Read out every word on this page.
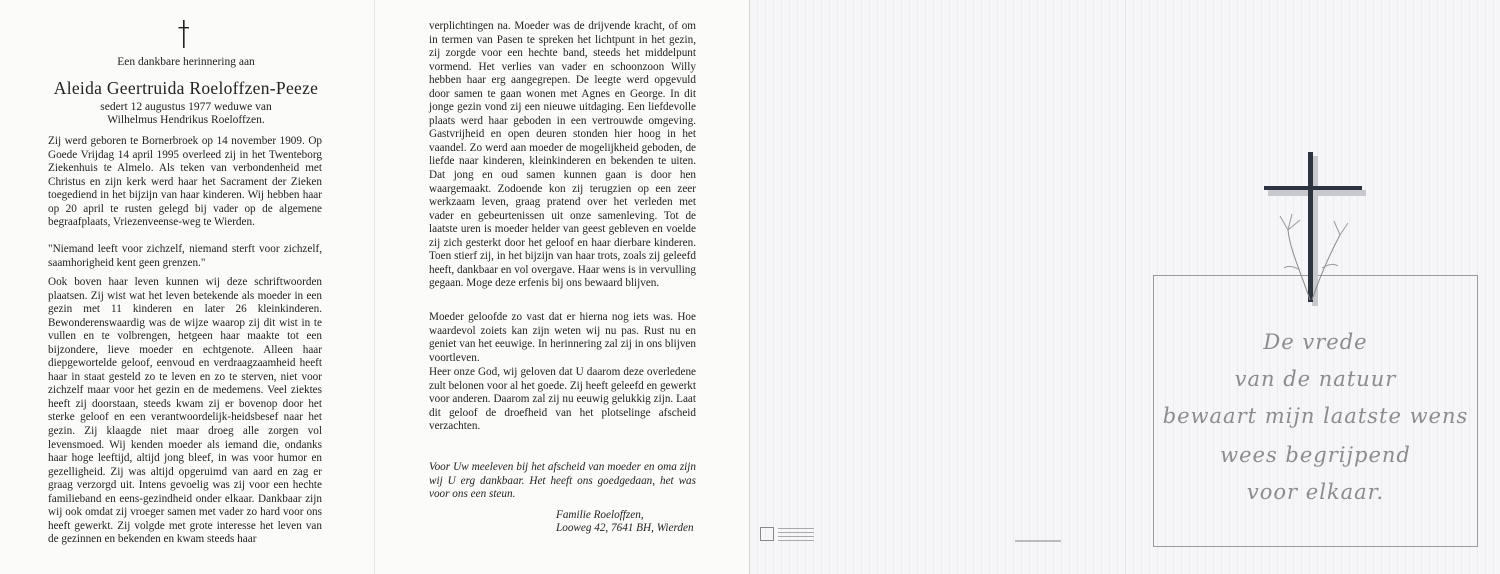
Een dankbare herinnering aan
Aleida Geertruida Roeloffzen-Peeze
sedert 12 augustus 1977 weduwe van
Wilhelmus Hendrikus Roeloffzen.

Zij werd geboren te Bornerbroek op 14 november 1909. Op Goede Vrijdag 14 april 1995 overleed zij in het Twenteborg Ziekenhuis te Almelo. Als teken van verbondenheid met Christus en zijn kerk werd haar het Sacrament der Zieken toegediend in het bijzijn van haar kinderen. Wij hebben haar op 20 april te rusten gelegd bij vader op de algemene begraafplaats, Vriezenveense-weg te Wierden.

"Niemand leeft voor zichzelf, niemand sterft voor zichzelf, saamhorigheid kent geen grenzen."

Ook boven haar leven kunnen wij deze schriftwoorden plaatsen. Zij wist wat het leven betekende als moeder in een gezin met 11 kinderen en later 26 kleinkinderen. Bewonderenswaardig was de wijze waarop zij dit wist in te vullen en te volbrengen, hetgeen haar maakte tot een bijzondere, lieve moeder en echtgenote. Alleen haar diepgewortelde geloof, eenvoud en verdraagzaamheid heeft haar in staat gesteld zo te leven en zo te sterven, niet voor zichzelf maar voor het gezin en de medemens. Veel ziektes heeft zij doorstaan, steeds kwam zij er bovenop door het sterke geloof en een verantwoordelijk-heidsbesef naar het gezin. Zij klaagde niet maar droeg alle zorgen vol levensmoed. Wij kenden moeder als iemand die, ondanks haar hoge leeftijd, altijd jong bleef, in was voor humor en gezelligheid. Zij was altijd opgeruimd van aard en zag er graag verzorgd uit. Intens gevoelig was zij voor een hechte familieband en eens-gezindheid onder elkaar. Dankbaar zijn wij ook omdat zij vroeger samen met vader zo hard voor ons heeft gewerkt. Zij volgde met grote interesse het leven van de gezinnen en bekenden en kwam steeds haar

verplichtingen na. Moeder was de drijvende kracht, of om in termen van Pasen te spreken het lichtpunt in het gezin, zij zorgde voor een hechte band, steeds het middelpunt vormend. Het verlies van vader en schoonzoon Willy hebben haar erg aangegrepen. De leegte werd opgevuld door samen te gaan wonen met Agnes en George. In dit jonge gezin vond zij een nieuwe uitdaging. Een liefdevolle plaats werd haar geboden in een vertrouwde omgeving. Gastvrijheid en open deuren stonden hier hoog in het vaandel. Zo werd aan moeder de mogelijkheid geboden, de liefde naar kinderen, kleinkinderen en bekenden te uiten. Dat jong en oud samen kunnen gaan is door hen waargemaakt. Zodoende kon zij terugzien op een zeer werkzaam leven, graag pratend over het verleden met vader en gebeurtenissen uit onze samenleving. Tot de laatste uren is moeder helder van geest gebleven en voelde zij zich gesterkt door het geloof en haar dierbare kinderen. Toen stierf zij, in het bijzijn van haar trots, zoals zij geleefd heeft, dankbaar en vol overgave. Haar wens is in vervulling gegaan. Moge deze erfenis bij ons bewaard blijven.

Moeder geloofde zo vast dat er hierna nog iets was. Hoe waardevol zoiets kan zijn weten wij nu pas. Rust nu en geniet van het eeuwige. In herinnering zal zij in ons blijven voortleven.

Heer onze God, wij geloven dat U daarom deze overledene zult belonen voor al het goede. Zij heeft geleefd en gewerkt voor anderen. Daarom zal zij nu eeuwig gelukkig zijn. Laat dit geloof de droefheid van het plotselinge afscheid verzachten.

Voor Uw meeleven bij het afscheid van moeder en oma zijn wij U erg dankbaar. Het heeft ons goedgedaan, het was voor ons een steun.

Familie Roeloffzen,
Looweg 42, 7641 BH, Wierden
De vrede
van de natuur
bewaart mijn laatste wens
wees begrijpend
voor elkaar.
